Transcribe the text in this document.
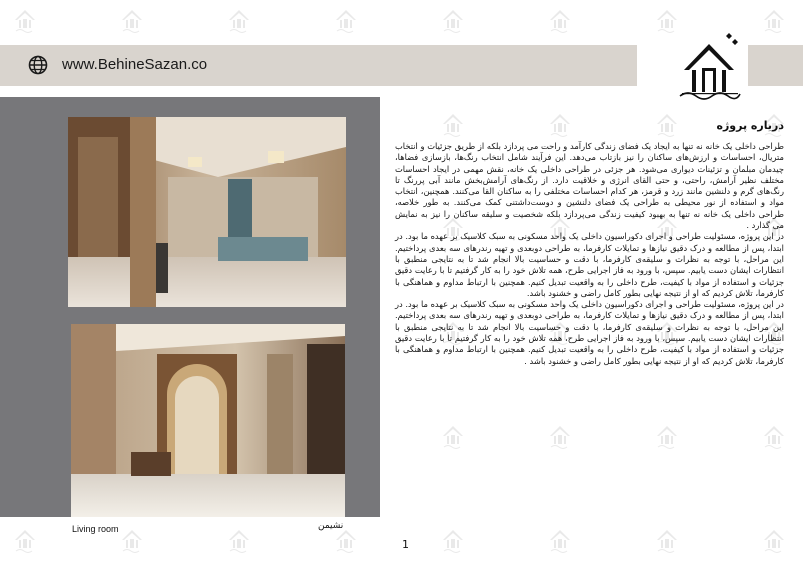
www.BehineSazan.co
Living room	نشیمن
درباره پروژه

طراحی داخلی یک خانه نه تنها به ایجاد یک فضای زندگی کارآمد و راحت می پردازد بلکه از طریق جزئیات و انتخاب متریال، احساسات و ارزش‌های ساکنان را نیز بازتاب می‌دهد. این فرآیند شامل انتخاب رنگ‌ها، بازسازی فضاها، چیدمان مبلمان و تزئینات دیواری می‌شود. هر جزئی در طراحی داخلی یک خانه، نقش مهمی در ایجاد احساسات مختلف نظیر آرامش، راحتی، و حتی القای انرژی و خلاقیت دارد. از رنگ‌های آرامش‌بخش مانند آبی پررنگ تا رنگ‌های گرم و دلنشین مانند زرد و قرمز، هر کدام احساسات مختلفی را به ساکنان القا می‌کنند. همچنین، انتخاب مواد و استفاده از نور محیطی به طراحی یک فضای دلنشین و دوست‌داشتنی کمک می‌کنند. به طور خلاصه، طراحی داخلی یک خانه نه تنها به بهبود کیفیت زندگی می‌پردازد بلکه شخصیت و سلیقه ساکنان را نیز به نمایش می گذارد .

در این پروژه، مسئولیت طراحی و اجرای دکوراسیون داخلی یک واحد مسکونی به سبک کلاسیک بر عهده ما بود. در ابتدا، پس از مطالعه و درک دقیق نیازها و تمایلات کارفرما، به طراحی دوبعدی و تهیه رندرهای سه بعدی پرداختیم. این مراحل، با توجه به نظرات و سلیقه‌ی کارفرما، با دقت و حساسیت بالا انجام شد تا به نتایجی منطبق با انتظارات ایشان دست یابیم. سپس، با ورود به فاز اجرایی طرح، همه تلاش خود را به کار گرفتیم تا با رعایت دقیق جزئیات و استفاده از مواد با کیفیت، طرح داخلی را به واقعیت تبدیل کنیم. همچنین با ارتباط مداوم و هماهنگی با کارفرما، تلاش کردیم که او از نتیجه نهایی بطور کامل راضی و خشنود باشد.

در این پروژه، مسئولیت طراحی و اجرای دکوراسیون داخلی یک واحد مسکونی به سبک کلاسیک بر عهده ما بود. در ابتدا، پس از مطالعه و درک دقیق نیازها و تمایلات کارفرما، به طراحی دوبعدی و تهیه رندرهای سه بعدی پرداختیم. این مراحل، با توجه به نظرات و سلیقه‌ی کارفرما، با دقت و حساسیت بالا انجام شد تا به نتایجی منطبق با انتظارات ایشان دست یابیم. سپس، با ورود به فاز اجرایی طرح، همه تلاش خود را به کار گرفتیم تا با رعایت دقیق جزئیات و استفاده از مواد با کیفیت، طرح داخلی را به واقعیت تبدیل کنیم. همچنین با ارتباط مداوم و هماهنگی با کارفرما، تلاش کردیم که او از نتیجه نهایی بطور کامل راضی و خشنود باشد .

1
